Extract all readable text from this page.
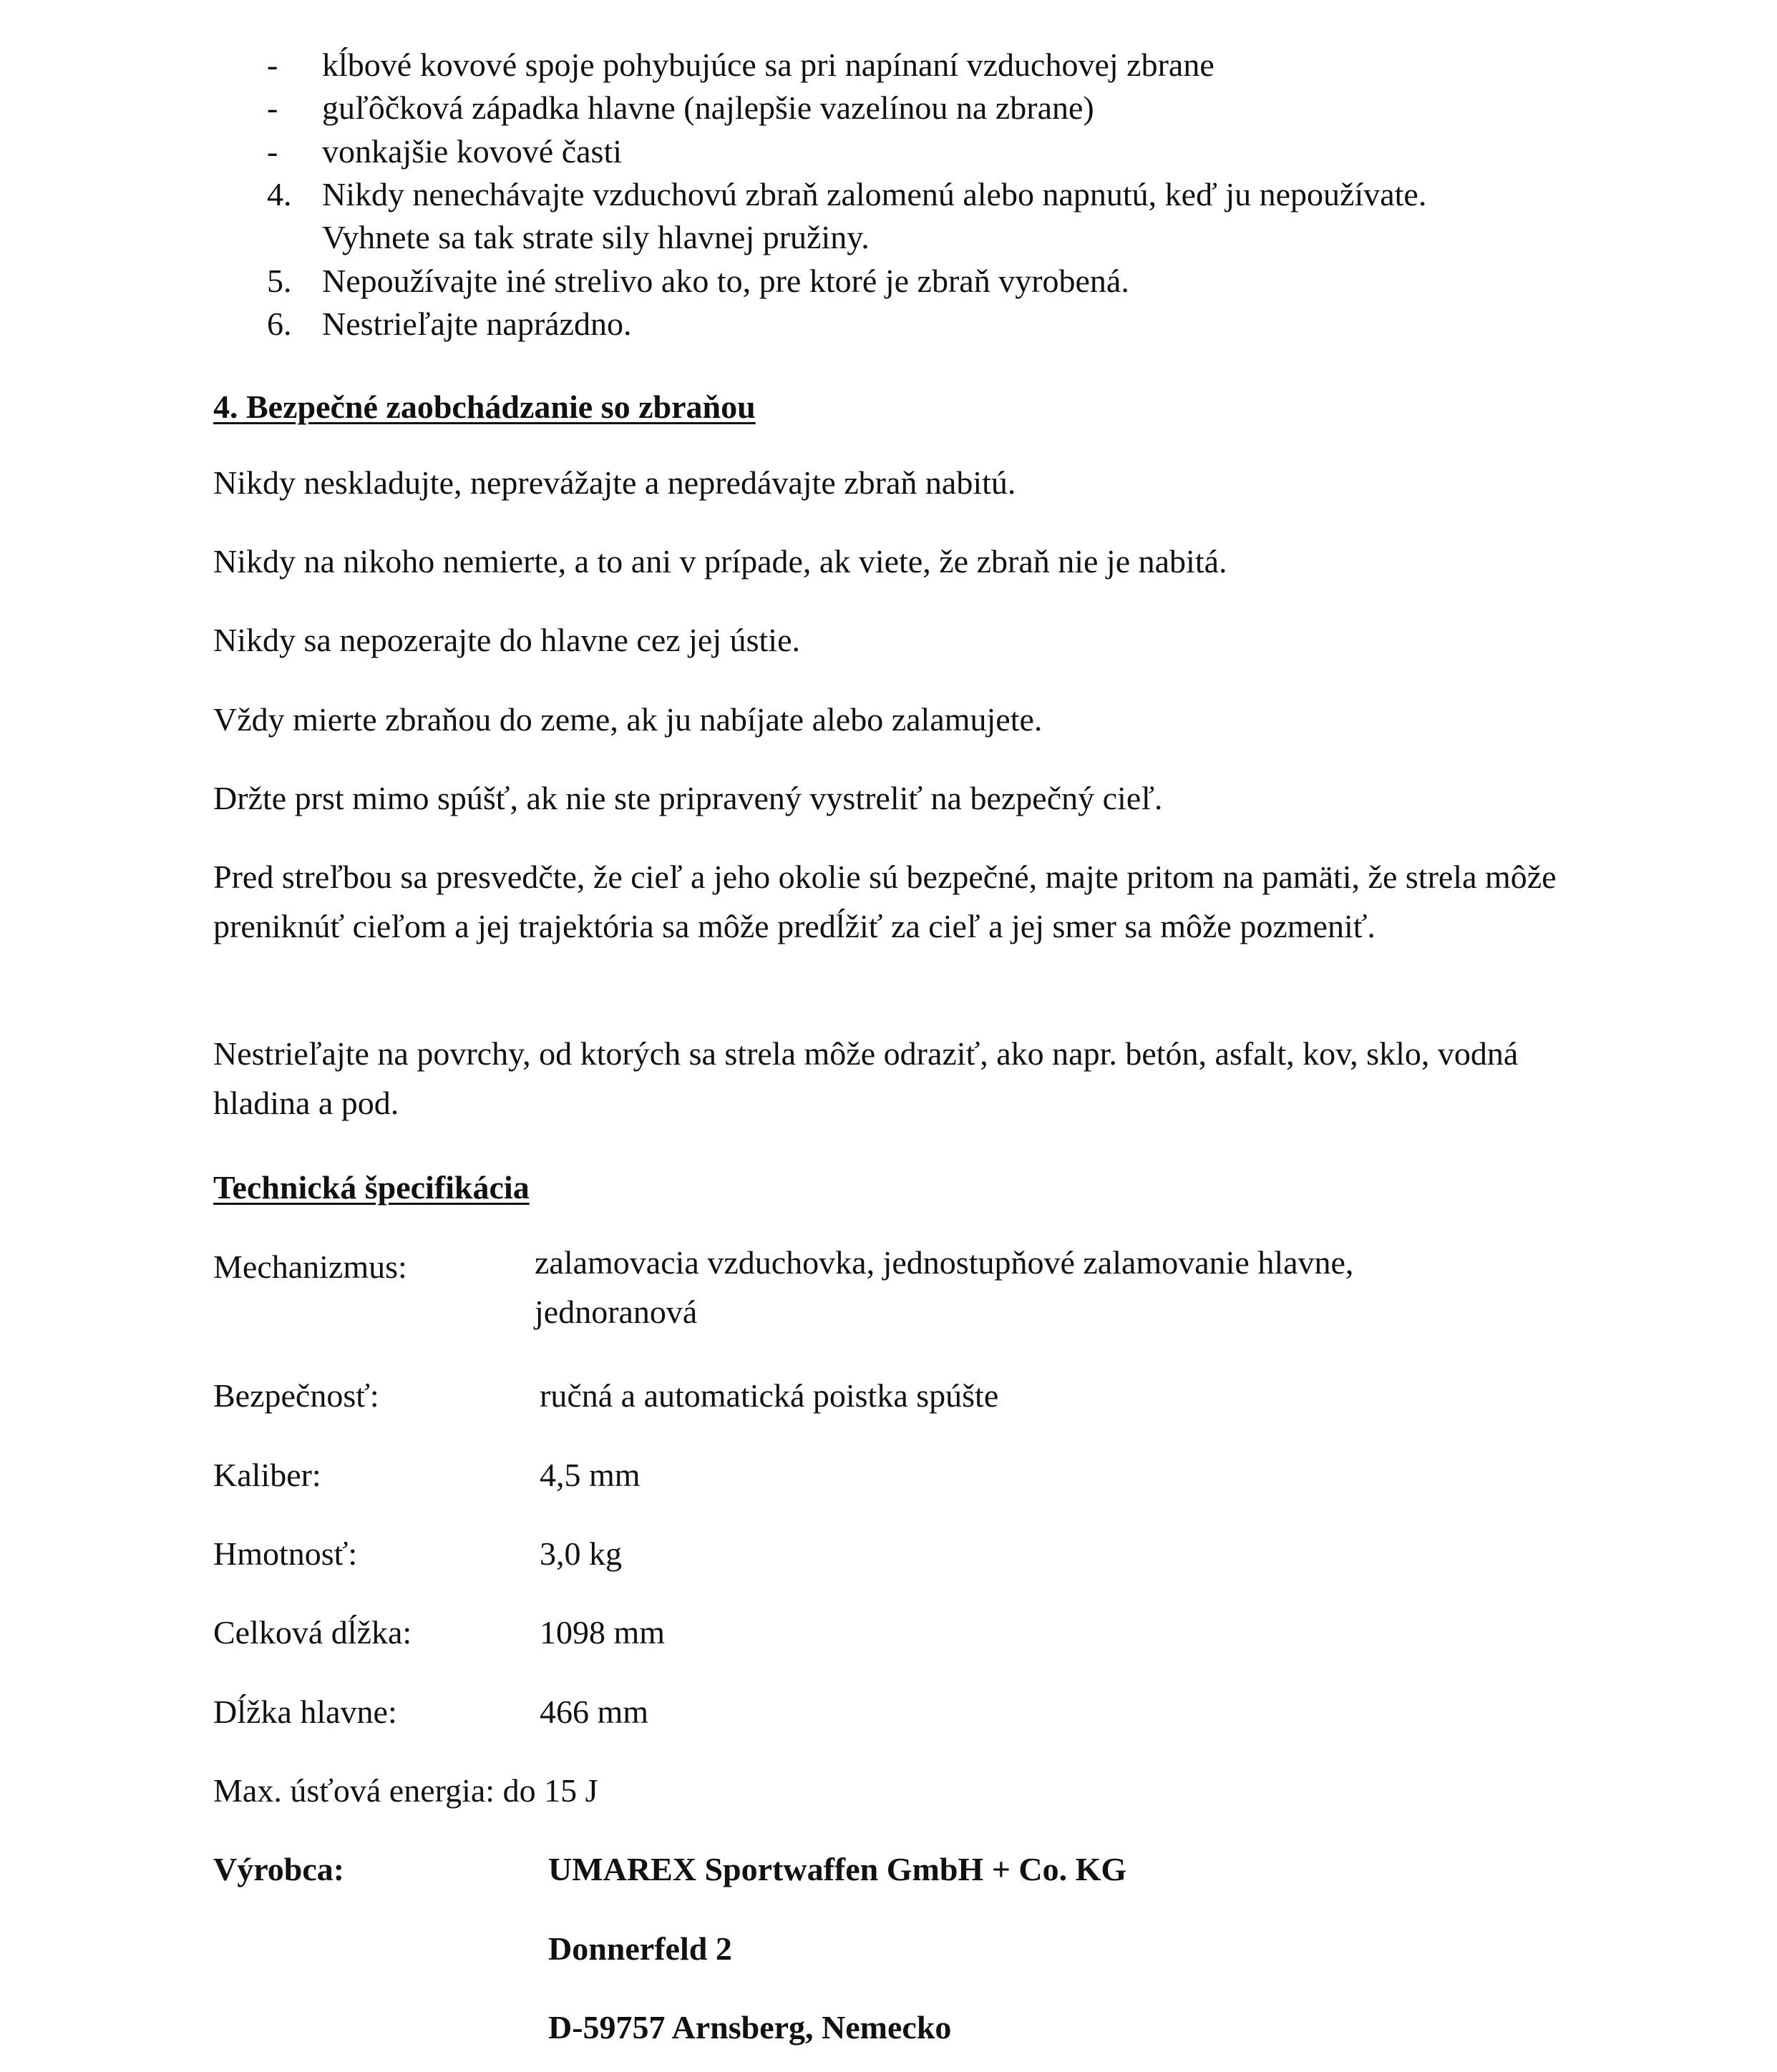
- kĺbové kovové spoje pohybujúce sa pri napínaní vzduchovej zbrane
- guľôčková západka hlavne (najlepšie vazelínou na zbrane)
- vonkajšie kovové časti
4. Nikdy nenechávajte vzduchovú zbraň zalomenú alebo napnutú, keď ju nepoužívate.
Vyhnete sa tak strate sily hlavnej pružiny.
5. Nepoužívajte iné strelivo ako to, pre ktoré je zbraň vyrobená.
6. Nestrieľajte naprázdno.
4. Bezpečné zaobchádzanie so zbraňou
Nikdy neskladujte, neprevážajte a nepredávajte zbraň nabitú.
Nikdy na nikoho nemierte, a to ani v prípade, ak viete, že zbraň nie je nabitá.
Nikdy sa nepozerajte do hlavne cez jej ústie.
Vždy mierte zbraňou do zeme, ak ju nabíjate alebo zalamujete.
Držte prst mimo spúšť, ak nie ste pripravený vystreliť na bezpečný cieľ.
Pred streľbou sa presvedčte, že cieľ a jeho okolie sú bezpečné, majte pritom na pamäti, že strela môže preniknúť cieľom a jej trajektória sa môže predĺžiť za cieľ a jej smer sa môže pozmeniť.
Nestrieľajte na povrchy, od ktorých sa strela môže odraziť, ako napr. betón, asfalt, kov, sklo, vodná hladina a pod.
Technická špecifikácia
Mechanizmus:	zalamovacia vzduchovka, jednostupňové zalamovanie hlavne, jednoranová
Bezpečnosť:	ručná a automatická poistka spúšte
Kaliber:	4,5 mm
Hmotnosť:	3,0 kg
Celková dĺžka:	1098 mm
Dĺžka hlavne:	466 mm
Max. úsťová energia: do 15 J
Výrobca:	UMAREX Sportwaffen GmbH + Co. KG
Donnerfeld 2
D-59757 Arnsberg, Nemecko
